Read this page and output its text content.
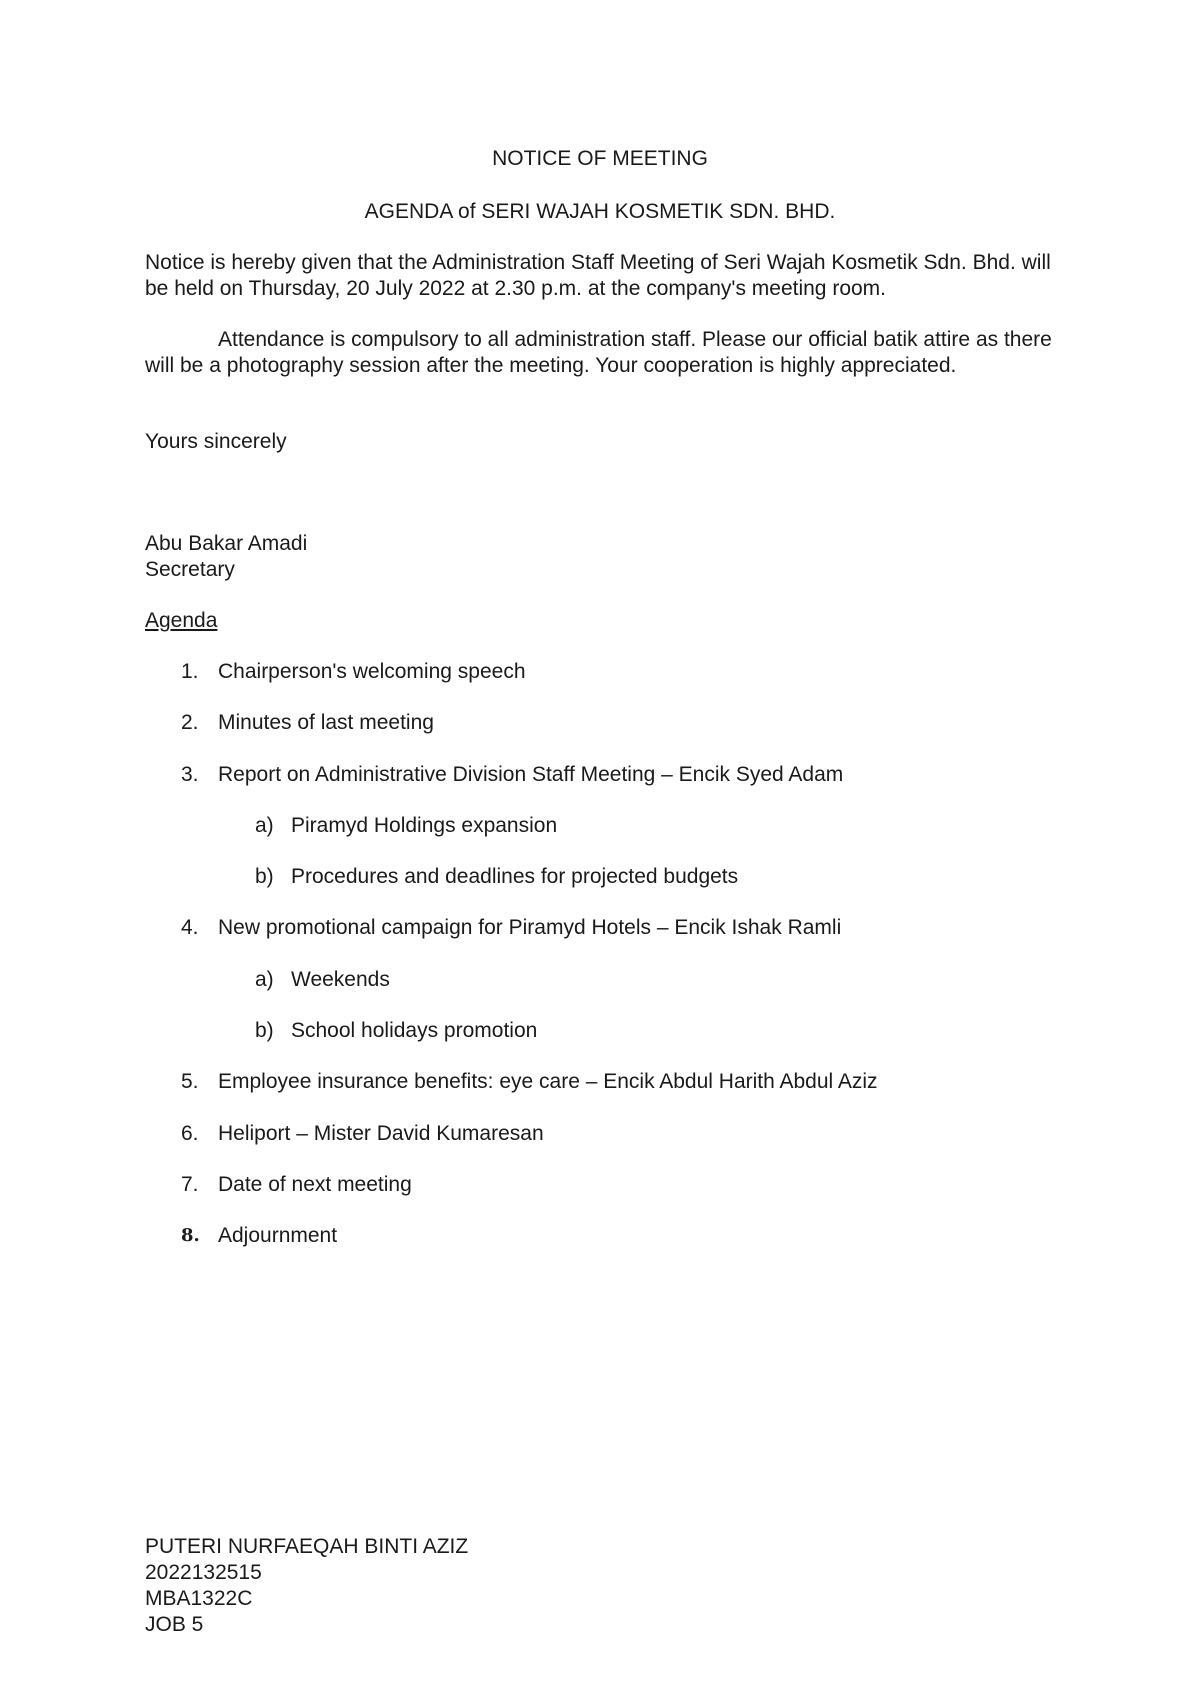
NOTICE OF MEETING
AGENDA of SERI WAJAH KOSMETIK SDN. BHD.
Notice is hereby given that the Administration Staff Meeting of Seri Wajah Kosmetik Sdn. Bhd. will be held on Thursday, 20 July 2022 at 2.30 p.m. at the company's meeting room.
Attendance is compulsory to all administration staff. Please our official batik attire as there will be a photography session after the meeting. Your cooperation is highly appreciated.
Yours sincerely
Abu Bakar Amadi
Secretary
Agenda
1. Chairperson's welcoming speech
2. Minutes of last meeting
3. Report on Administrative Division Staff Meeting – Encik Syed Adam
a) Piramyd Holdings expansion
b) Procedures and deadlines for projected budgets
4. New promotional campaign for Piramyd Hotels – Encik Ishak Ramli
a) Weekends
b) School holidays promotion
5. Employee insurance benefits: eye care – Encik Abdul Harith Abdul Aziz
6. Heliport – Mister David Kumaresan
7. Date of next meeting
8. Adjournment
PUTERI NURFAEQAH BINTI AZIZ
2022132515
MBA1322C
JOB 5
